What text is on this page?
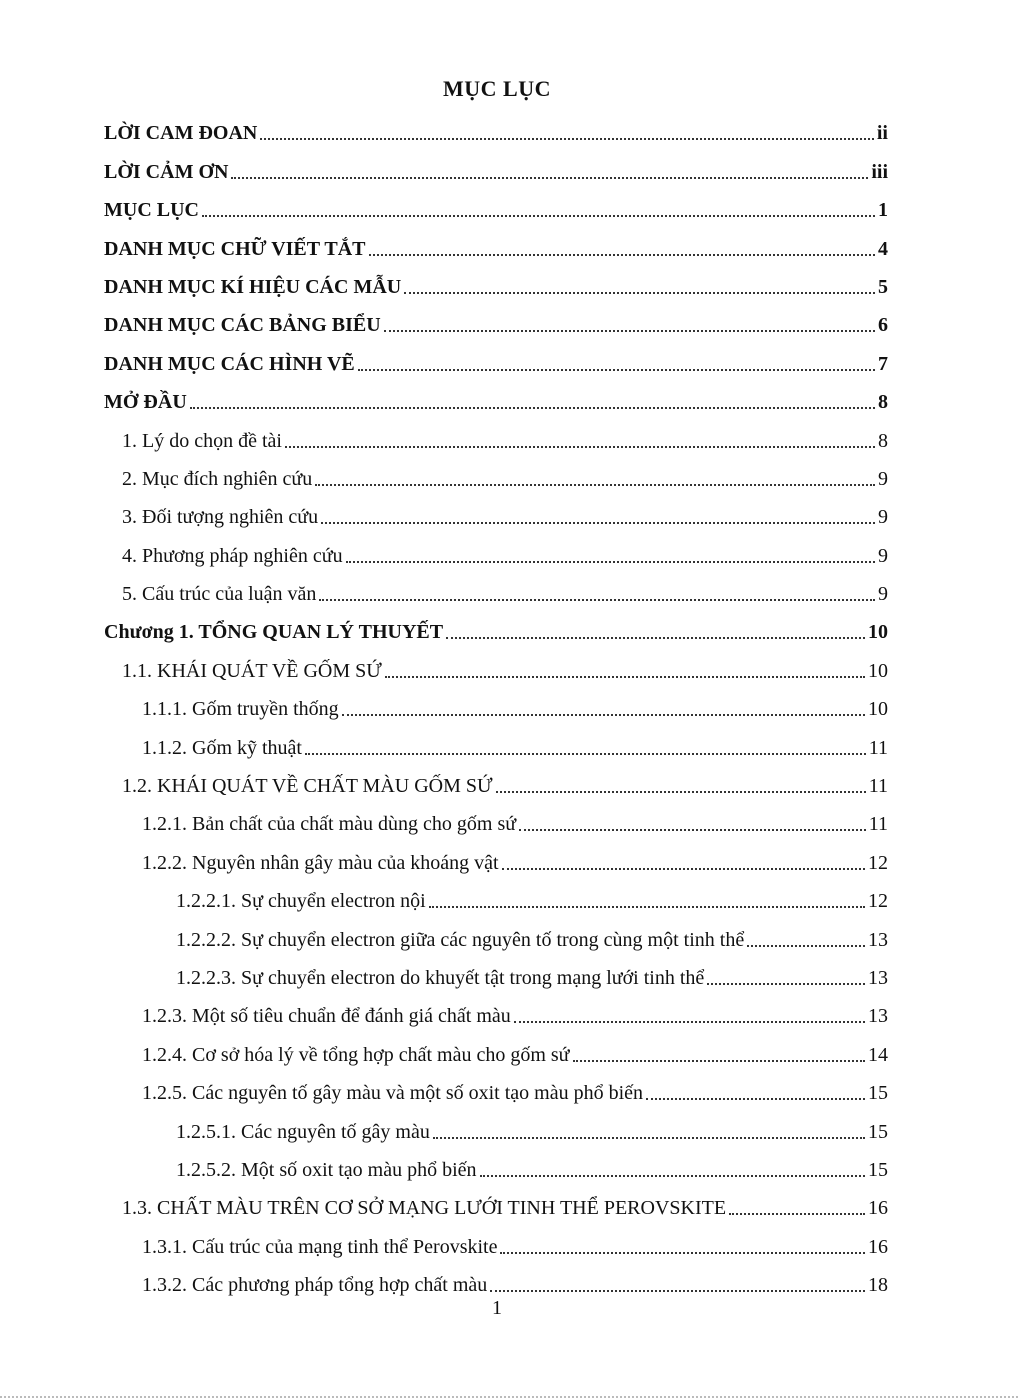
MỤC LỤC
LỜI CAM ĐOAN	ii
LỜI CẢM ƠN	iii
MỤC LỤC	1
DANH MỤC CHỮ VIẾT TẮT	4
DANH MỤC KÍ HIỆU CÁC MẪU	5
DANH MỤC CÁC BẢNG BIỂU	6
DANH MỤC CÁC HÌNH VẼ	7
MỞ ĐẦU	8
1. Lý do chọn đề tài	8
2. Mục đích nghiên cứu	9
3. Đối tượng nghiên cứu	9
4. Phương pháp nghiên cứu	9
5. Cấu trúc của luận văn	9
Chương 1. TỔNG QUAN LÝ THUYẾT	10
1.1. KHÁI QUÁT VỀ GỐM SỨ	10
1.1.1. Gốm truyền thống	10
1.1.2. Gốm kỹ thuật	11
1.2. KHÁI QUÁT VỀ CHẤT MÀU GỐM SỨ	11
1.2.1. Bản chất của chất màu dùng cho gốm sứ	11
1.2.2. Nguyên nhân gây màu của khoáng vật	12
1.2.2.1. Sự chuyển electron nội	12
1.2.2.2. Sự chuyển electron giữa các nguyên tố trong cùng một tinh thể	13
1.2.2.3. Sự chuyển electron do khuyết tật trong mạng lưới tinh thể	13
1.2.3. Một số tiêu chuẩn để đánh giá chất màu	13
1.2.4. Cơ sở hóa lý về tổng hợp chất màu cho gốm sứ	14
1.2.5. Các nguyên tố gây màu và một số oxit tạo màu phổ biến	15
1.2.5.1. Các nguyên tố gây màu	15
1.2.5.2. Một số oxit tạo màu phổ biến	15
1.3. CHẤT MÀU TRÊN CƠ SỞ MẠNG LƯỚI TINH THỂ PEROVSKITE	16
1.3.1. Cấu trúc của mạng tinh thể Perovskite	16
1.3.2. Các phương pháp tổng hợp chất màu	18
1
